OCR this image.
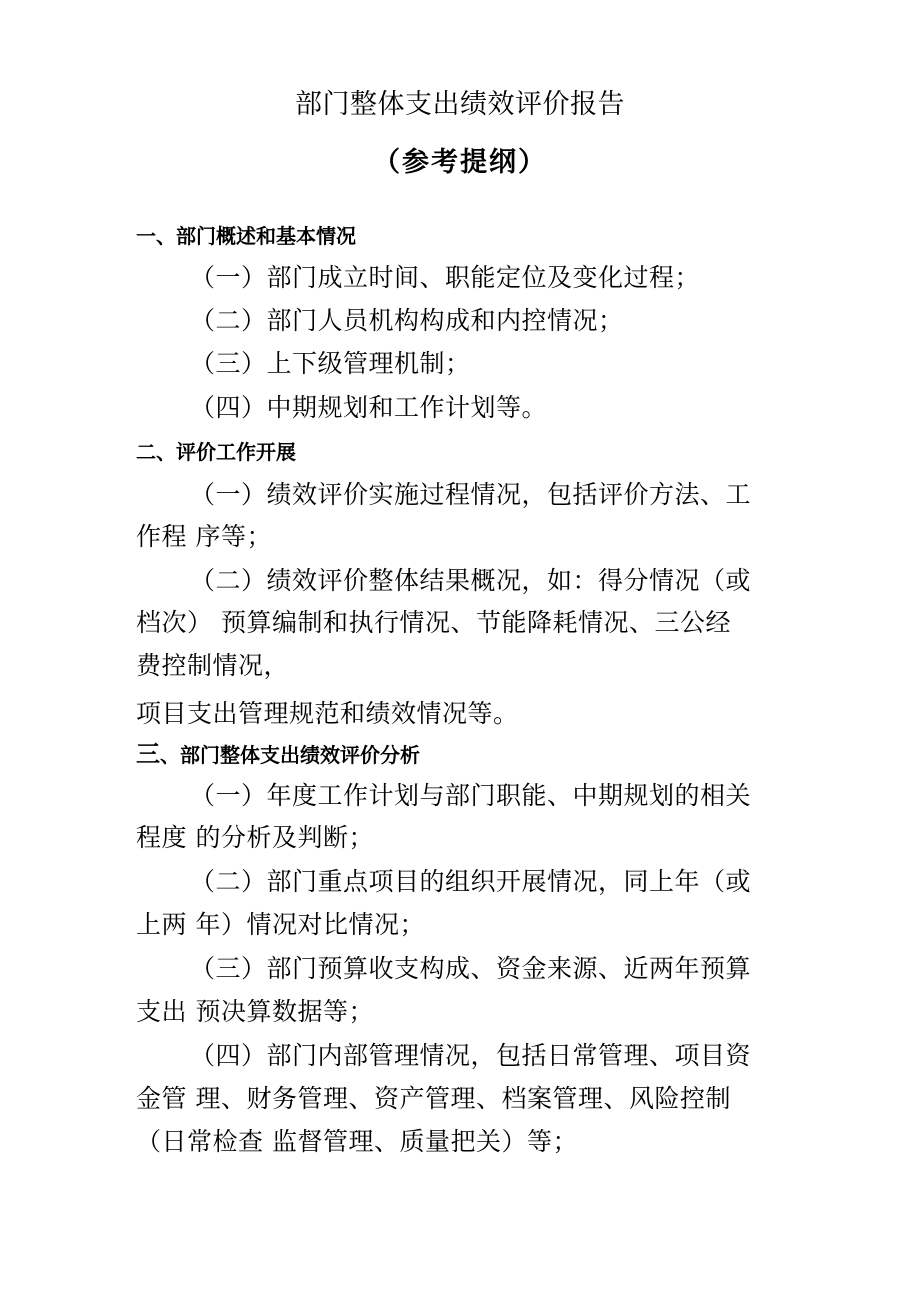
部门整体支出绩效评价报告
（参考提纲）
一、部门概述和基本情况
（一）部门成立时间、职能定位及变化过程；
（二）部门人员机构构成和内控情况；
（三）上下级管理机制；
（四）中期规划和工作计划等。
二、评价工作开展
（一）绩效评价实施过程情况，包括评价方法、工
作程 序等；
（二）绩效评价整体结果概况，如：得分情况（或
档次） 预算编制和执行情况、节能降耗情况、三公经
费控制情况，
项目支出管理规范和绩效情况等。
三、部门整体支出绩效评价分析
（一）年度工作计划与部门职能、中期规划的相关
程度 的分析及判断；
（二）部门重点项目的组织开展情况，同上年（或
上两 年）情况对比情况；
（三）部门预算收支构成、资金来源、近两年预算
支出 预决算数据等；
（四）部门内部管理情况，包括日常管理、项目资
金管 理、财务管理、资产管理、档案管理、风险控制
（日常检查 监督管理、质量把关）等；
